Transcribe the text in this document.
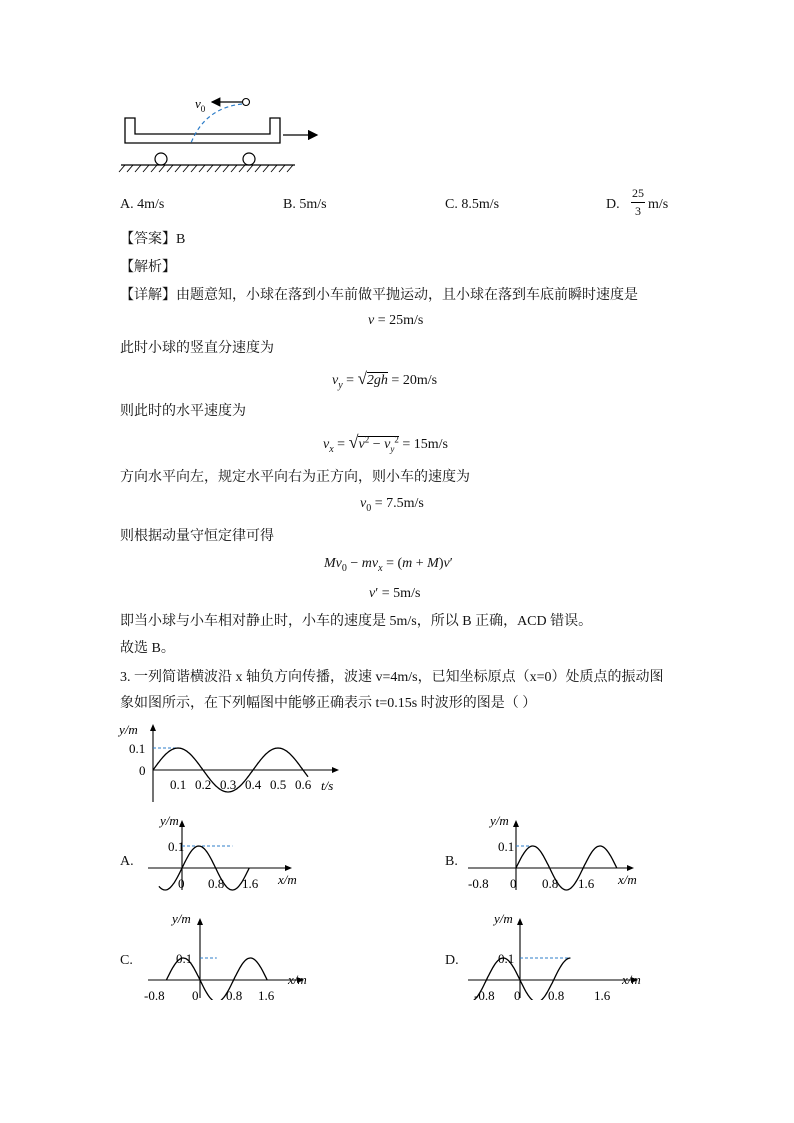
$v_0$
A. 4m/s	B. 5m/s	C. 8.5m/s	D.
25
3 m/s
【答案】B
【解析】
【详解】由题意知，小球在落到小车前做平抛运动，且小球在落到车底前瞬时速度是
v = 25m/s
此时小球的竖直分速度为
$v_y = √2gh = 20m/s$
则此时的水平速度为
$v_x = √v^2 - v_y^2 = 15m/s$
方向水平向左，规定水平向右为正方向，则小车的速度为
$v_0 = 7.5m/s$
则根据动量守恒定律可得
$Mv_0 - mv_x = (m + M)v'$
v′ = 5m/s
即当小球与小车相对静止时，小车的速度是 5m/s，所以 B 正确，ACD 错误。
故选 B。
3. 一列简谐横波沿 x 轴负方向传播，波速 v=4m/s，已知坐标原点（x=0）处质点的振动图
象如图所示，在下列幅图中能够正确表示 t=0.15s 时波形的图是（ ）
y/m
t/s
0.1
0
0.1 0.2 0.3 0.4 0.5 0.6
A.
y/m
x/m
0.1
0 0.8 1.6
B.
y/m
x/m
0.1
-0.8 0 0.8 1.6
C.
y/m
x/m
0.1
-0.8 0 0.8 1.6
D.
y/m
x/m
0.1
-0.8 0 0.8 1.6
